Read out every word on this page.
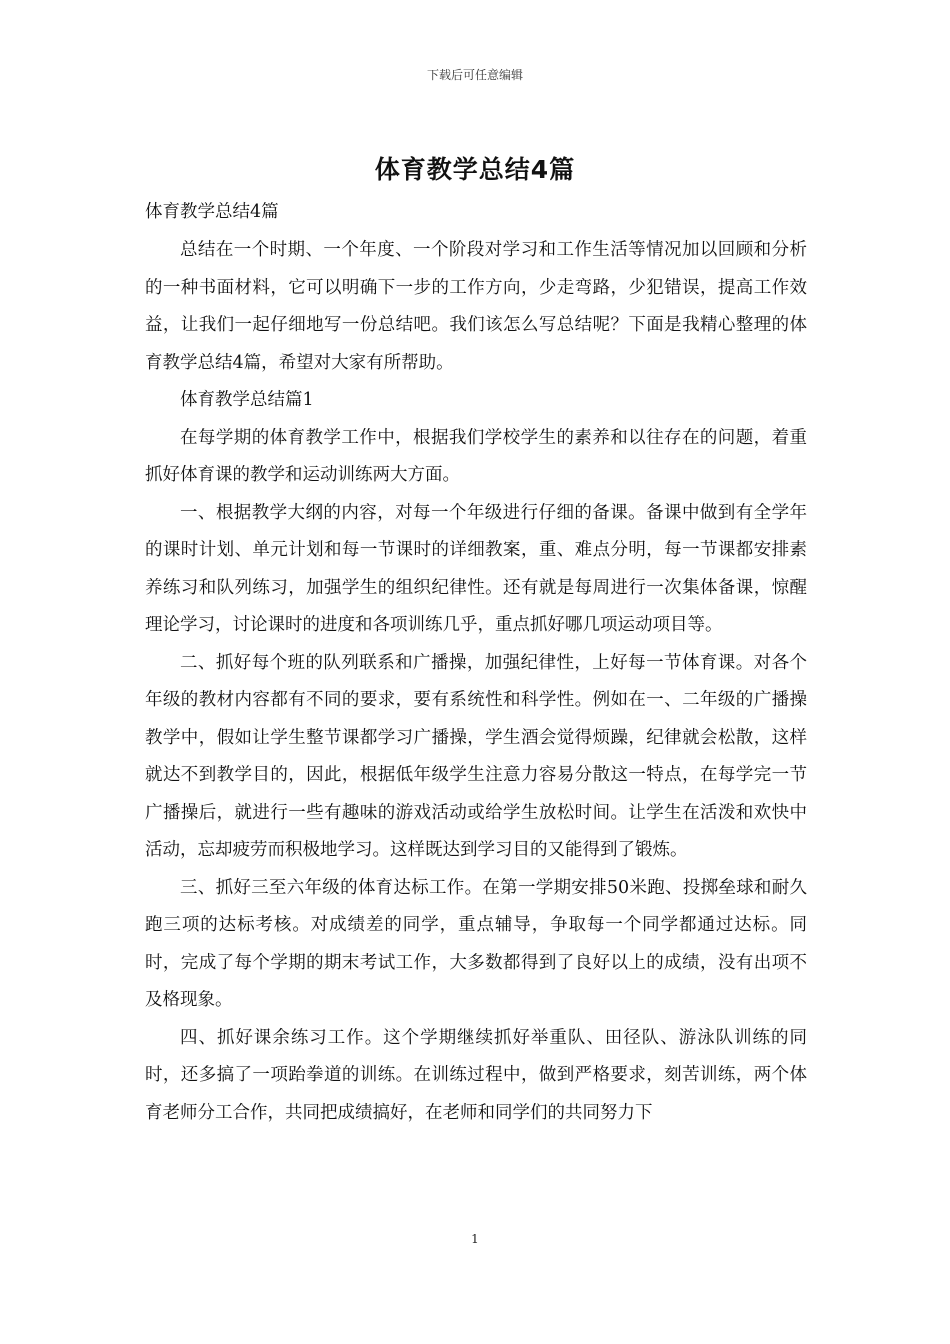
下载后可任意编辑
体育教学总结4篇

体育教学总结4篇

总结在一个时期、一个年度、一个阶段对学习和工作生活等情况加以回顾和分析的一种书面材料，它可以明确下一步的工作方向，少走弯路，少犯错误，提高工作效益，让我们一起仔细地写一份总结吧。我们该怎么写总结呢？下面是我精心整理的体育教学总结4篇，希望对大家有所帮助。

体育教学总结篇1

在每学期的体育教学工作中，根据我们学校学生的素养和以往存在的问题，着重抓好体育课的教学和运动训练两大方面。

一、根据教学大纲的内容，对每一个年级进行仔细的备课。备课中做到有全学年的课时计划、单元计划和每一节课时的详细教案，重、难点分明，每一节课都安排素养练习和队列练习，加强学生的组织纪律性。还有就是每周进行一次集体备课，惊醒理论学习，讨论课时的进度和各项训练几乎，重点抓好哪几项运动项目等。

二、抓好每个班的队列联系和广播操，加强纪律性，上好每一节体育课。对各个年级的教材内容都有不同的要求，要有系统性和科学性。例如在一、二年级的广播操教学中，假如让学生整节课都学习广播操，学生酒会觉得烦躁，纪律就会松散，这样就达不到教学目的，因此，根据低年级学生注意力容易分散这一特点，在每学完一节广播操后，就进行一些有趣味的游戏活动或给学生放松时间。让学生在活泼和欢快中活动，忘却疲劳而积极地学习。这样既达到学习目的又能得到了锻炼。

三、抓好三至六年级的体育达标工作。在第一学期安排50米跑、投掷垒球和耐久跑三项的达标考核。对成绩差的同学，重点辅导，争取每一个同学都通过达标。同时，完成了每个学期的期末考试工作，大多数都得到了良好以上的成绩，没有出项不及格现象。

四、抓好课余练习工作。这个学期继续抓好举重队、田径队、游泳队训练的同时，还多搞了一项跆拳道的训练。在训练过程中，做到严格要求，刻苦训练，两个体育老师分工合作，共同把成绩搞好，在老师和同学们的共同努力下

1
